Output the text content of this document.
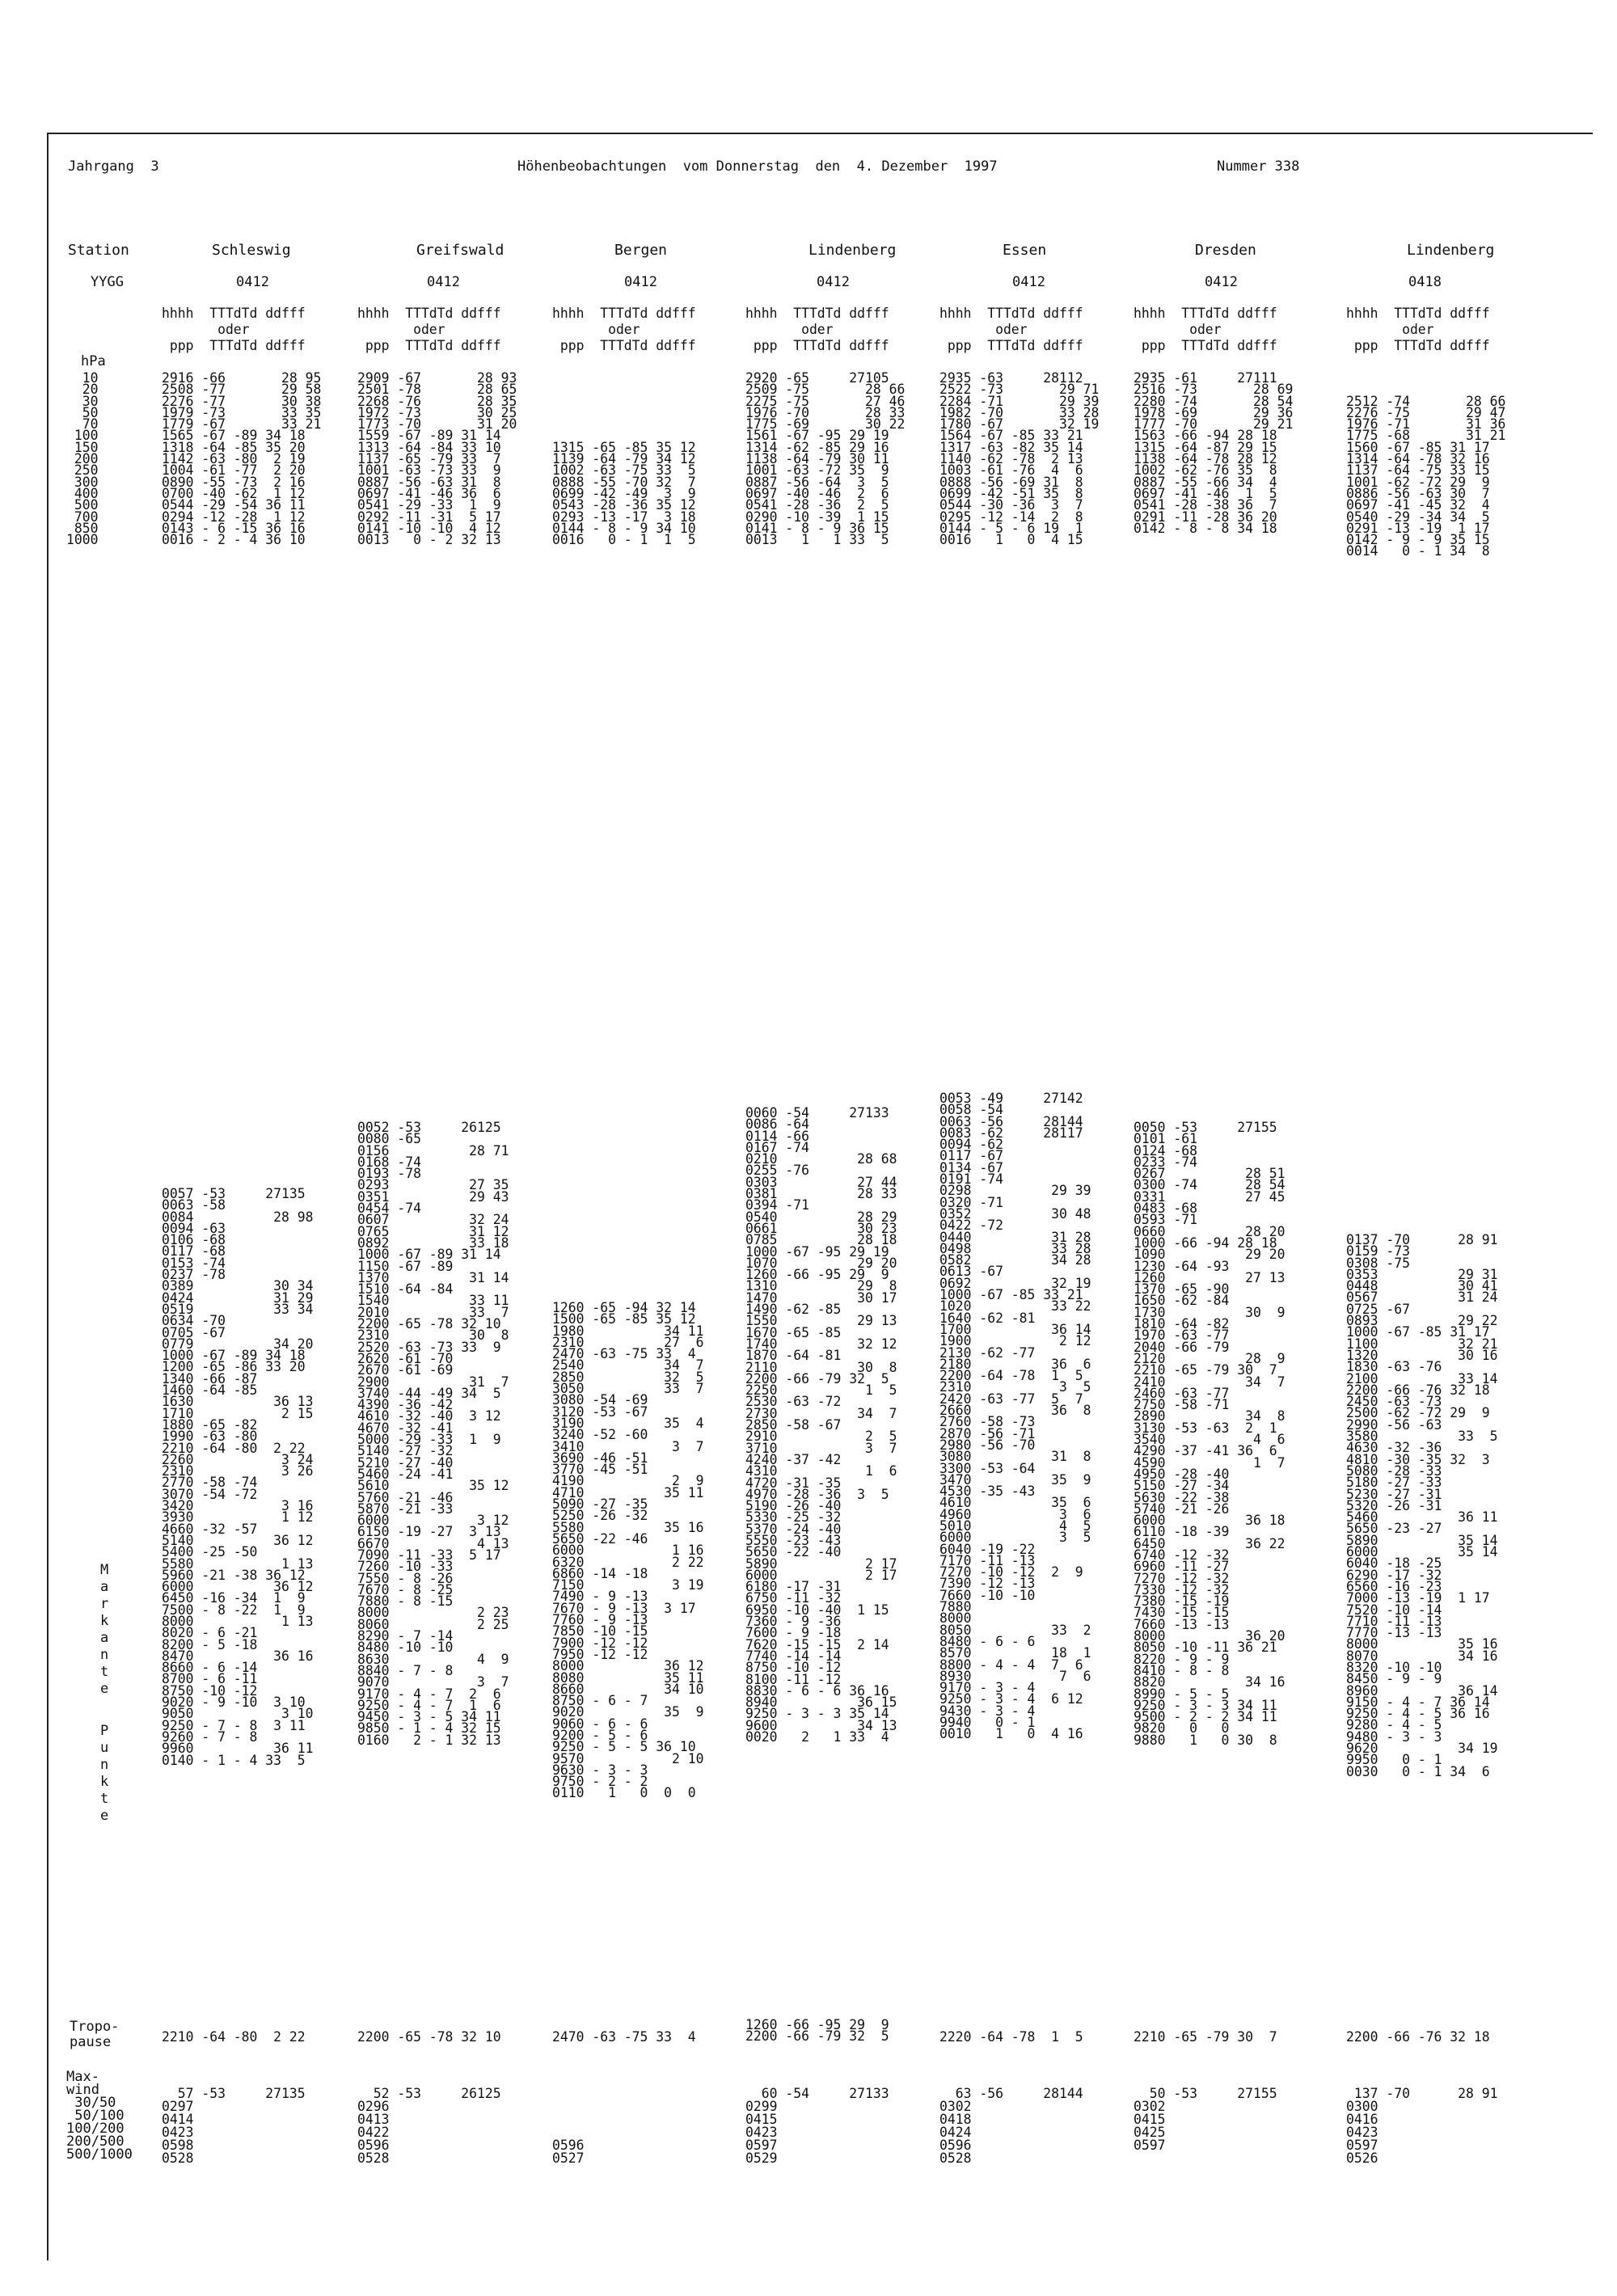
Jahrgang  3	Höhenbeobachtungen  vom Donnerstag  den  4. Dezember  1997	Nummer 338
Station
YYGG
hPa
10
20
30
50
70
100
150
200
250
300
400
500
700
850
1000
M
a
r
k
a
n
t
e
P
u
n
k
t
e
Tropo-
pause
Max-
wind
30/50
50/100
100/200
200/500
500/1000
Schleswig
0412
hhhh  TTTdTd ddfff
oder
ppp  TTTdTd ddfff
2916 -66       28 95
2508 -77       29 58
2276 -77       30 38
1979 -73       33 35
1779 -67       33 21
1565 -67 -89 34 18
1318 -64 -85 35 20
1142 -63 -80  2 19
1004 -61 -77  2 20
0890 -55 -73  2 16
0700 -40 -62  1 12
0544 -29 -54 36 11
0294 -12 -28  1 12
0143 - 6 -15 36 16
0016 - 2 - 4 36 10
0057 -53     27135
0063 -58
0084          28 98
0094 -63
0106 -68
0117 -68
0153 -74
0237 -78
0389          30 34
0424          31 29
0519          33 34
0634 -70
0705 -67
0779          34 20
1000 -67 -89 34 18
1200 -65 -86 33 20
1340 -66 -87
1460 -64 -85
1630          36 13
1710           2 15
1880 -65 -82
1990 -63 -80
2210 -64 -80  2 22
2260           3 24
2310           3 26
2770 -58 -74
3070 -54 -72
3420           3 16
3930           1 12
4660 -32 -57
5140          36 12
5400 -25 -50
5580           1 13
5960 -21 -38 36 12
6000          36 12
6450 -16 -34  1  9
7500 - 8 -22  1  9
8000           1 13
8020 - 6 -21
8200 - 5 -18
8470          36 16
8660 - 6 -14
8700 - 6 -11
8750 -10 -12
9020 - 9 -10  3 10
9050           3 10
9250 - 7 - 8  3 11
9260 - 7 - 8
9960          36 11
0140 - 1 - 4 33  5
2210 -64 -80  2 22
57 -53     27135
0297
0414
0423
0598
0528
Greifswald
0412
hhhh  TTTdTd ddfff
oder
ppp  TTTdTd ddfff
2909 -67       28 93
2501 -78       28 65
2268 -76       28 35
1972 -73       30 25
1773 -70       31 20
1559 -67 -89 31 14
1313 -64 -84 33 10
1137 -65 -79 33  7
1001 -63 -73 33  9
0887 -56 -63 31  8
0697 -41 -46 36  6
0541 -29 -33  1  9
0292 -11 -31  5 17
0141 -10 -10  4 12
0013   0 - 2 32 13
0052 -53     26125
0080 -65
0156          28 71
0168 -74
0193 -78
0293          27 35
0351          29 43
0454 -74
0607          32 24
0765          31 12
0892          33 18
1000 -67 -89 31 14
1150 -67 -89
1370          31 14
1510 -64 -84
1540          33 11
2010          33  7
2200 -65 -78 32 10
2310          30  8
2520 -63 -73 33  9
2620 -61 -70
2670 -61 -69
2900          31  7
3740 -44 -49 34  5
4390 -36 -42
4610 -32 -40  3 12
4670 -32 -41
5000 -29 -33  1  9
5140 -27 -32
5210 -27 -40
5460 -24 -41
5610          35 12
5760 -21 -46
5870 -21 -33
6000           3 12
6150 -19 -27  3 13
6670           4 13
7090 -11 -33  5 17
7260 -10 -33
7550 - 8 -26
7670 - 8 -25
7880 - 8 -15
8000           2 23
8060           2 25
8290 - 7 -14
8480 -10 -10
8630           4  9
8840 - 7 - 8
9070           3  7
9170 - 4 - 7  2  6
9250 - 4 - 7  1  6
9450 - 3 - 5 34 11
9850 - 1 - 4 32 15
0160   2 - 1 32 13
2200 -65 -78 32 10
52 -53     26125
0296
0413
0422
0596
0528
Bergen
0412
hhhh  TTTdTd ddfff
oder
ppp  TTTdTd ddfff

1315 -65 -85 35 12
1139 -64 -79 34 12
1002 -63 -75 33  5
0888 -55 -70 32  7
0699 -42 -49  3  9
0543 -28 -36 35 12
0293 -13 -17  3 18
0144 - 8 - 9 34 10
0016   0 - 1  1  5
1260 -65 -94 32 14
1500 -65 -85 35 12
1980          34 11
2310          27  6
2470 -63 -75 33  4
2540          34  7
2850          32  5
3050          33  7
3080 -54 -69
3120 -53 -67
3190          35  4
3240 -52 -60
3410           3  7
3690 -46 -51
3770 -45 -51
4190           2  9
4710          35 11
5090 -27 -35
5250 -26 -32
5580          35 16
5650 -22 -46
6000           1 16
6320           2 22
6860 -14 -18
7150           3 19
7490 - 9 -13
7670 - 9 -13  3 17
7760 - 9 -13
7850 -10 -15
7900 -12 -12
7950 -12 -12
8000          36 12
8080          35 11
8660          34 10
8750 - 6 - 7
9020          35  9
9060 - 6 - 6
9200 - 5 - 6
9250 - 5 - 5 36 10
9570           2 10
9630 - 3 - 3
9750 - 2 - 2
0110   1   0  0  0
2470 -63 -75 33  4

0596
0527
Lindenberg
0412
hhhh  TTTdTd ddfff
oder
ppp  TTTdTd ddfff
2920 -65     27105
2509 -75       28 66
2275 -75       27 46
1976 -70       28 33
1775 -69       30 22
1561 -67 -95 29 19
1314 -62 -85 29 16
1138 -64 -79 30 11
1001 -63 -72 35  9
0887 -56 -64  3  5
0697 -40 -46  2  6
0541 -28 -36  2  5
0290 -10 -39  1 15
0141 - 8 - 9 36 15
0013   1   1 33  5
0060 -54     27133
0086 -64
0114 -66
0167 -74
0210          28 68
0255 -76
0303          27 44
0381          28 33
0394 -71
0540          28 29
0661          30 23
0785          28 18
1000 -67 -95 29 19
1070          29 20
1260 -66 -95 29  9
1310          29  8
1470          30 17
1490 -62 -85
1550          29 13
1670 -65 -85
1740          32 12
1870 -64 -81
2110          30  8
2200 -66 -79 32  5
2250           1  5
2530 -63 -72
2730          34  7
2850 -58 -67
2910           2  5
3710           3  7
4240 -37 -42
4310           1  6
4720 -31 -35
4970 -28 -36  3  5
5190 -26 -40
5330 -25 -32
5370 -24 -40
5550 -23 -43
5650 -22 -40
5890           2 17
6000           2 17
6180 -17 -31
6750 -11 -32
6950 -10 -40  1 15
7360 - 9 -36
7600 - 9 -18
7620 -15 -15  2 14
7740 -14 -14
8750 -10 -12
8100 -11 -12
8830 - 6 - 6 36 16
8940          36 15
9250 - 3 - 3 35 14
9600          34 13
0020   2   1 33  4
1260 -66 -95 29  9
2200 -66 -79 32  5
60 -54     27133
0299
0415
0423
0597
0529
Essen
0412
hhhh  TTTdTd ddfff
oder
ppp  TTTdTd ddfff
2935 -63     28112
2522 -73       29 71
2284 -71       29 39
1982 -70       33 28
1780 -67       32 19
1564 -67 -85 33 21
1317 -63 -82 35 14
1140 -62 -78  2 13
1003 -61 -76  4  6
0888 -56 -69 31  8
0699 -42 -51 35  8
0544 -30 -36  3  7
0295 -12 -14  2  8
0144 - 5 - 6 19  1
0016   1   0  4 15
0053 -49     27142
0058 -54
0063 -56     28144
0083 -62     28117
0094 -62
0117 -67
0134 -67
0191 -74
0298          29 39
0320 -71
0352          30 48
0422 -72
0440          31 28
0498          33 28
0582          34 28
0613 -67
0692          32 19
1000 -67 -85 33 21
1020          33 22
1640 -62 -81
1700          36 14
1900           2 12
2130 -62 -77
2180          36  6
2200 -64 -78  1  5
2310           3  5
2420 -63 -77  5  7
2660          36  8
2760 -58 -73
2870 -56 -71
2980 -56 -70
3080          31  8
3300 -53 -64
3470          35  9
4530 -35 -43
4610          35  6
4960           3  6
5010           4  5
6000           3  5
6040 -19 -22
7170 -11 -13
7270 -10 -12  2  9
7390 -12 -13
7660 -10 -10
7880
8000
8050          33  2
8480 - 6 - 6
8570          18  1
8800 - 4 - 4  7  6
8930           7  6
9170 - 3 - 4
9250 - 3 - 4  6 12
9430 - 3 - 4
9940   0 - 1
0010   1   0  4 16
2220 -64 -78  1  5
63 -56     28144
0302
0418
0424
0596
0528
Dresden
0412
hhhh  TTTdTd ddfff
oder
ppp  TTTdTd ddfff
2935 -61     27111
2516 -73       28 69
2280 -74       28 54
1978 -69       29 36
1777 -70       29 21
1563 -66 -94 28 18
1315 -64 -87 29 15
1138 -64 -78 28 12
1002 -62 -76 35  8
0887 -55 -66 34  4
0697 -41 -46  1  5
0541 -28 -38 36  7
0291 -11 -28 36 20
0142 - 8 - 8 34 18
0050 -53     27155
0101 -61
0124 -68
0233 -74
0267          28 51
0300 -74      28 54
0331          27 45
0483 -68
0593 -71
0660          28 20
1000 -66 -94 28 18
1090          29 20
1230 -64 -93
1260          27 13
1370 -65 -90
1650 -62 -84
1730          30  9
1810 -64 -82
1970 -63 -77
2040 -66 -79
2120          28  9
2210 -65 -79 30  7
2410          34  7
2460 -63 -77
2750 -58 -71
2890          34  8
3130 -53 -63  2  1
3540           4  6
4290 -37 -41 36  6
4590           1  7
4950 -28 -40
5150 -27 -34
5630 -22 -38
5740 -21 -26
6000          36 18
6110 -18 -39
6450          36 22
6740 -12 -32
6960 -11 -27
7270 -12 -32
7330 -12 -32
7380 -15 -19
7430 -15 -15
7660 -13 -13
8000          36 20
8050 -10 -11 36 21
8220 - 9 - 9
8410 - 8 - 8
8820          34 16
8990 - 5 - 5
9250 - 3 - 3 34 11
9500 - 2 - 2 34 11
9820   0   0
9880   1   0 30  8
2210 -65 -79 30  7
50 -53     27155
0302
0415
0425
0597
Lindenberg
0418
hhhh  TTTdTd ddfff
oder
ppp  TTTdTd ddfff

2512 -74       28 66
2276 -75       29 47
1976 -71       31 36
1775 -68       31 21
1560 -67 -85 31 17
1314 -64 -78 32 16
1137 -64 -75 33 15
1001 -62 -72 29  9
0886 -56 -63 30  7
0697 -41 -45 32  4
0540 -29 -34 34  5
0291 -13 -19  1 17
0142 - 9 - 9 35 15
0014   0 - 1 34  8
0137 -70      28 91
0159 -73
0308 -75
0353          29 31
0448          30 41
0567          31 24
0725 -67
0893          29 22
1000 -67 -85 31 17
1100          32 21
1320          30 16
1830 -63 -76
2100          33 14
2200 -66 -76 32 18
2450 -63 -73
2500 -62 -72 29  9
2990 -56 -63
3580          33  5
4630 -32 -36
4810 -30 -35 32  3
5080 -28 -33
5180 -27 -33
5230 -27 -31
5320 -26 -31
5460          36 11
5650 -23 -27
5890          35 14
6000          35 14
6040 -18 -25
6290 -17 -32
6560 -16 -23
7000 -13 -19  1 17
7520 -10 -14
7710 -11 -13
7770 -13 -13
8000          35 16
8070          34 16
8320 -10 -10
8450 - 9 - 9
8960          36 14
9150 - 4 - 7 36 14
9250 - 4 - 5 36 16
9280 - 4 - 5
9480 - 3 - 3
9620          34 19
9950   0 - 1
0030   0 - 1 34  6
2200 -66 -76 32 18
137 -70      28 91
0300
0416
0423
0597
0526
